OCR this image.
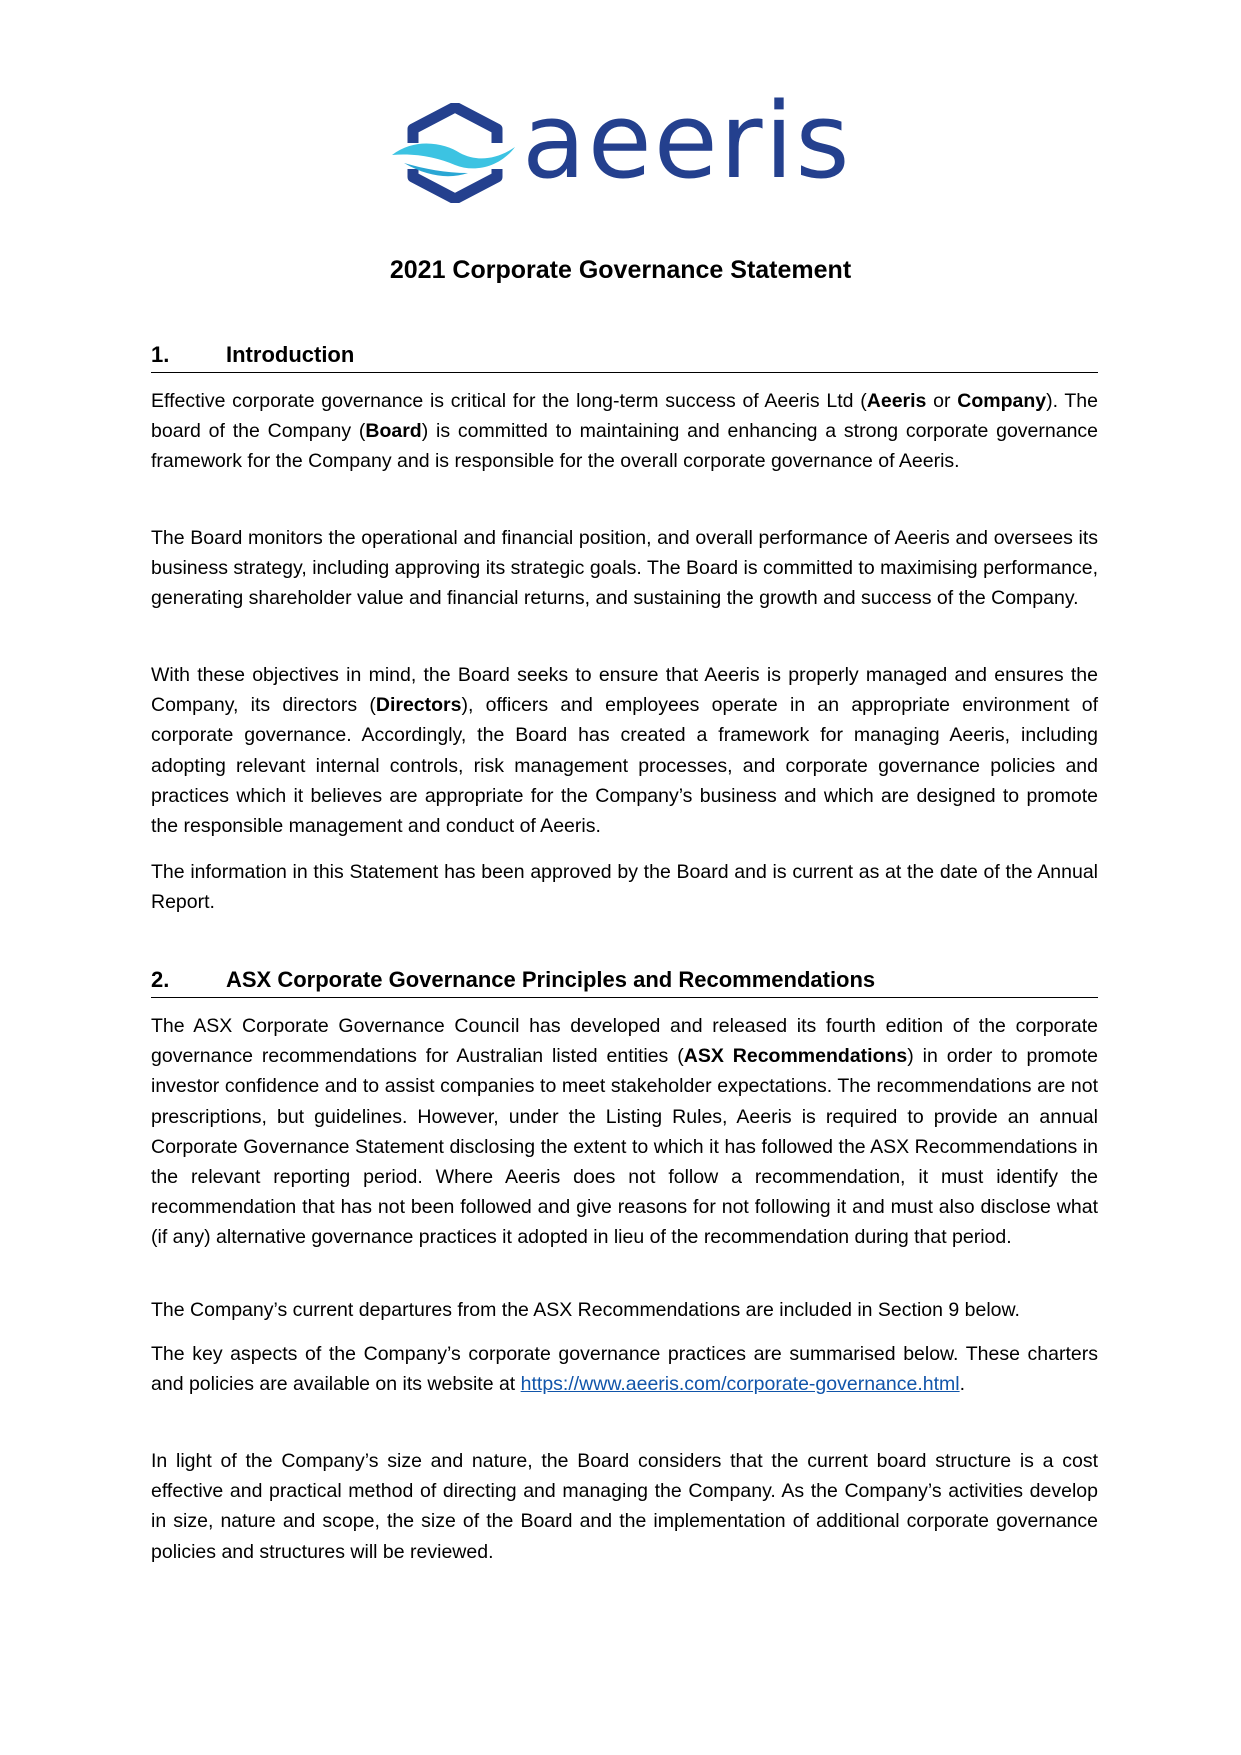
aeeris
2021 Corporate Governance Statement
1.	Introduction

Effective corporate governance is critical for the long-term success of Aeeris Ltd (Aeeris or Company). The board of the Company (Board) is committed to maintaining and enhancing a strong corporate governance framework for the Company and is responsible for the overall corporate governance of Aeeris.

The Board monitors the operational and financial position, and overall performance of Aeeris and oversees its business strategy, including approving its strategic goals. The Board is committed to maximising performance, generating shareholder value and financial returns, and sustaining the growth and success of the Company.

With these objectives in mind, the Board seeks to ensure that Aeeris is properly managed and ensures the Company, its directors (Directors), officers and employees operate in an appropriate environment of corporate governance. Accordingly, the Board has created a framework for managing Aeeris, including adopting relevant internal controls, risk management processes, and corporate governance policies and practices which it believes are appropriate for the Company’s business and which are designed to promote the responsible management and conduct of Aeeris.

The information in this Statement has been approved by the Board and is current as at the date of the Annual Report.

2.	ASX Corporate Governance Principles and Recommendations

The ASX Corporate Governance Council has developed and released its fourth edition of the corporate governance recommendations for Australian listed entities (ASX Recommendations) in order to promote investor confidence and to assist companies to meet stakeholder expectations. The recommendations are not prescriptions, but guidelines. However, under the Listing Rules, Aeeris is required to provide an annual Corporate Governance Statement disclosing the extent to which it has followed the ASX Recommendations in the relevant reporting period. Where Aeeris does not follow a recommendation, it must identify the recommendation that has not been followed and give reasons for not following it and must also disclose what (if any) alternative governance practices it adopted in lieu of the recommendation during that period.

The Company’s current departures from the ASX Recommendations are included in Section 9 below.

The key aspects of the Company’s corporate governance practices are summarised below. These charters and policies are available on its website at https://www.aeeris.com/corporate-governance.html.

In light of the Company’s size and nature, the Board considers that the current board structure is a cost effective and practical method of directing and managing the Company. As the Company’s activities develop in size, nature and scope, the size of the Board and the implementation of additional corporate governance policies and structures will be reviewed.
